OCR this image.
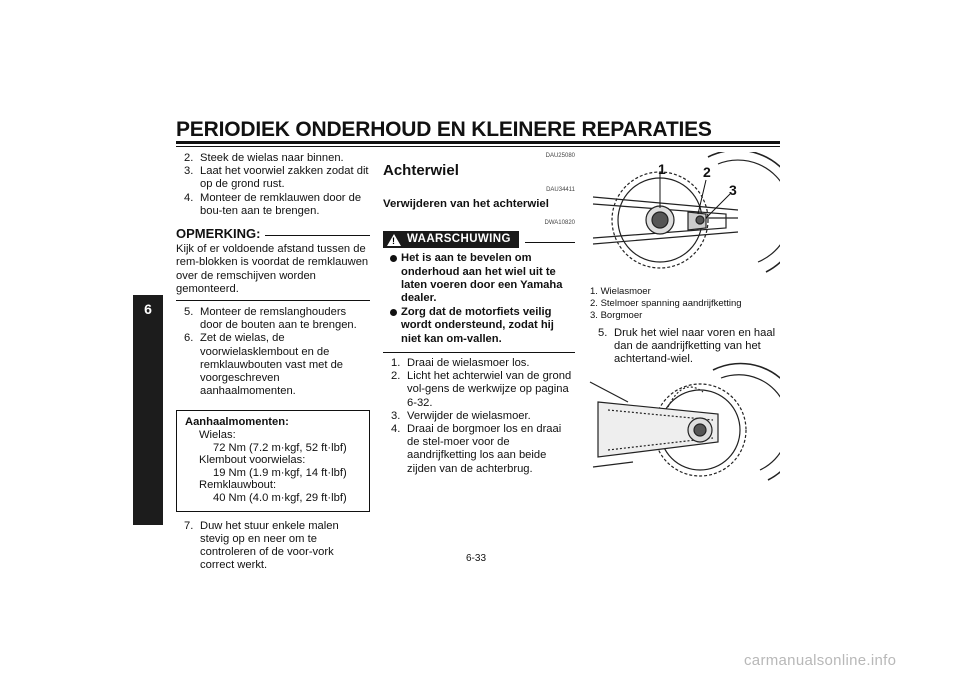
PERIODIEK ONDERHOUD EN KLEINERE REPARATIES
6
2. Steek de wielas naar binnen.
3. Laat het voorwiel zakken zodat dit op de grond rust.
4. Monteer de remklauwen door de bou-ten aan te brengen.
OPMERKING:
Kijk of er voldoende afstand tussen de rem-blokken is voordat de remklauwen over de remschijven worden gemonteerd.
5. Monteer de remslanghouders door de bouten aan te brengen.
6. Zet de wielas, de voorwielasklembout en de remklauwbouten vast met de voorgeschreven aanhaalmomenten.
Aanhaalmomenten:
Wielas:
72 Nm (7.2 m·kgf, 52 ft·lbf)
Klembout voorwielas:
19 Nm (1.9 m·kgf, 14 ft·lbf)
Remklauwbout:
40 Nm (4.0 m·kgf, 29 ft·lbf)
7. Duw het stuur enkele malen stevig op en neer om te controleren of de voor-vork correct werkt.
DAU25080
Achterwiel
DAU34411
Verwijderen van het achterwiel
DWA10820
! WAARSCHUWING
Het is aan te bevelen om onderhoud aan het wiel uit te laten voeren door een Yamaha dealer.
Zorg dat de motorfiets veilig wordt ondersteund, zodat hij niet kan om-vallen.
1. Draai de wielasmoer los.
2. Licht het achterwiel van de grond vol-gens de werkwijze op pagina 6-32.
3. Verwijder de wielasmoer.
4. Draai de borgmoer los en draai de stel-moer voor de aandrijfketting los aan beide zijden van de achterbrug.
1	2
3
1. Wielasmoer
2. Stelmoer spanning aandrijfketting
3. Borgmoer
5. Druk het wiel naar voren en haal dan de aandrijfketting van het achtertand-wiel.
6-33
carmanualsonline.info
